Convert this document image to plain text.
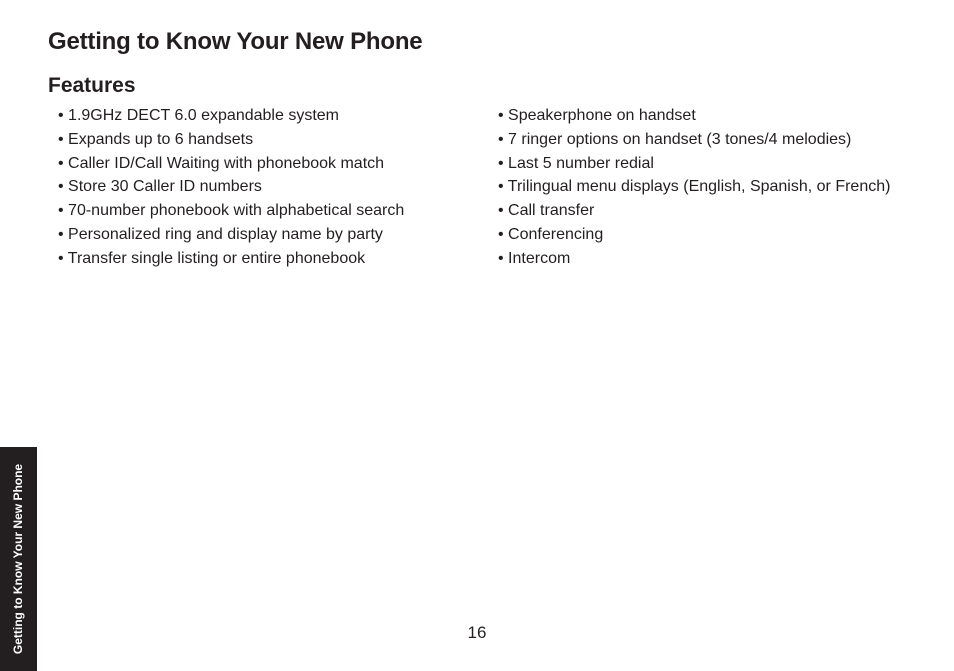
Getting to Know Your New Phone
Features
• 1.9GHz DECT 6.0 expandable system
• Expands up to 6 handsets
• Caller ID/Call Waiting with phonebook match
• Store 30 Caller ID numbers
• 70-number phonebook with alphabetical search
• Personalized ring and display name by party
• Transfer single listing or entire phonebook
• Speakerphone on handset
• 7 ringer options on handset (3 tones/4 melodies)
• Last 5 number redial
• Trilingual menu displays (English, Spanish, or French)
• Call transfer
• Conferencing
• Intercom
Getting to Know Your New Phone	16
